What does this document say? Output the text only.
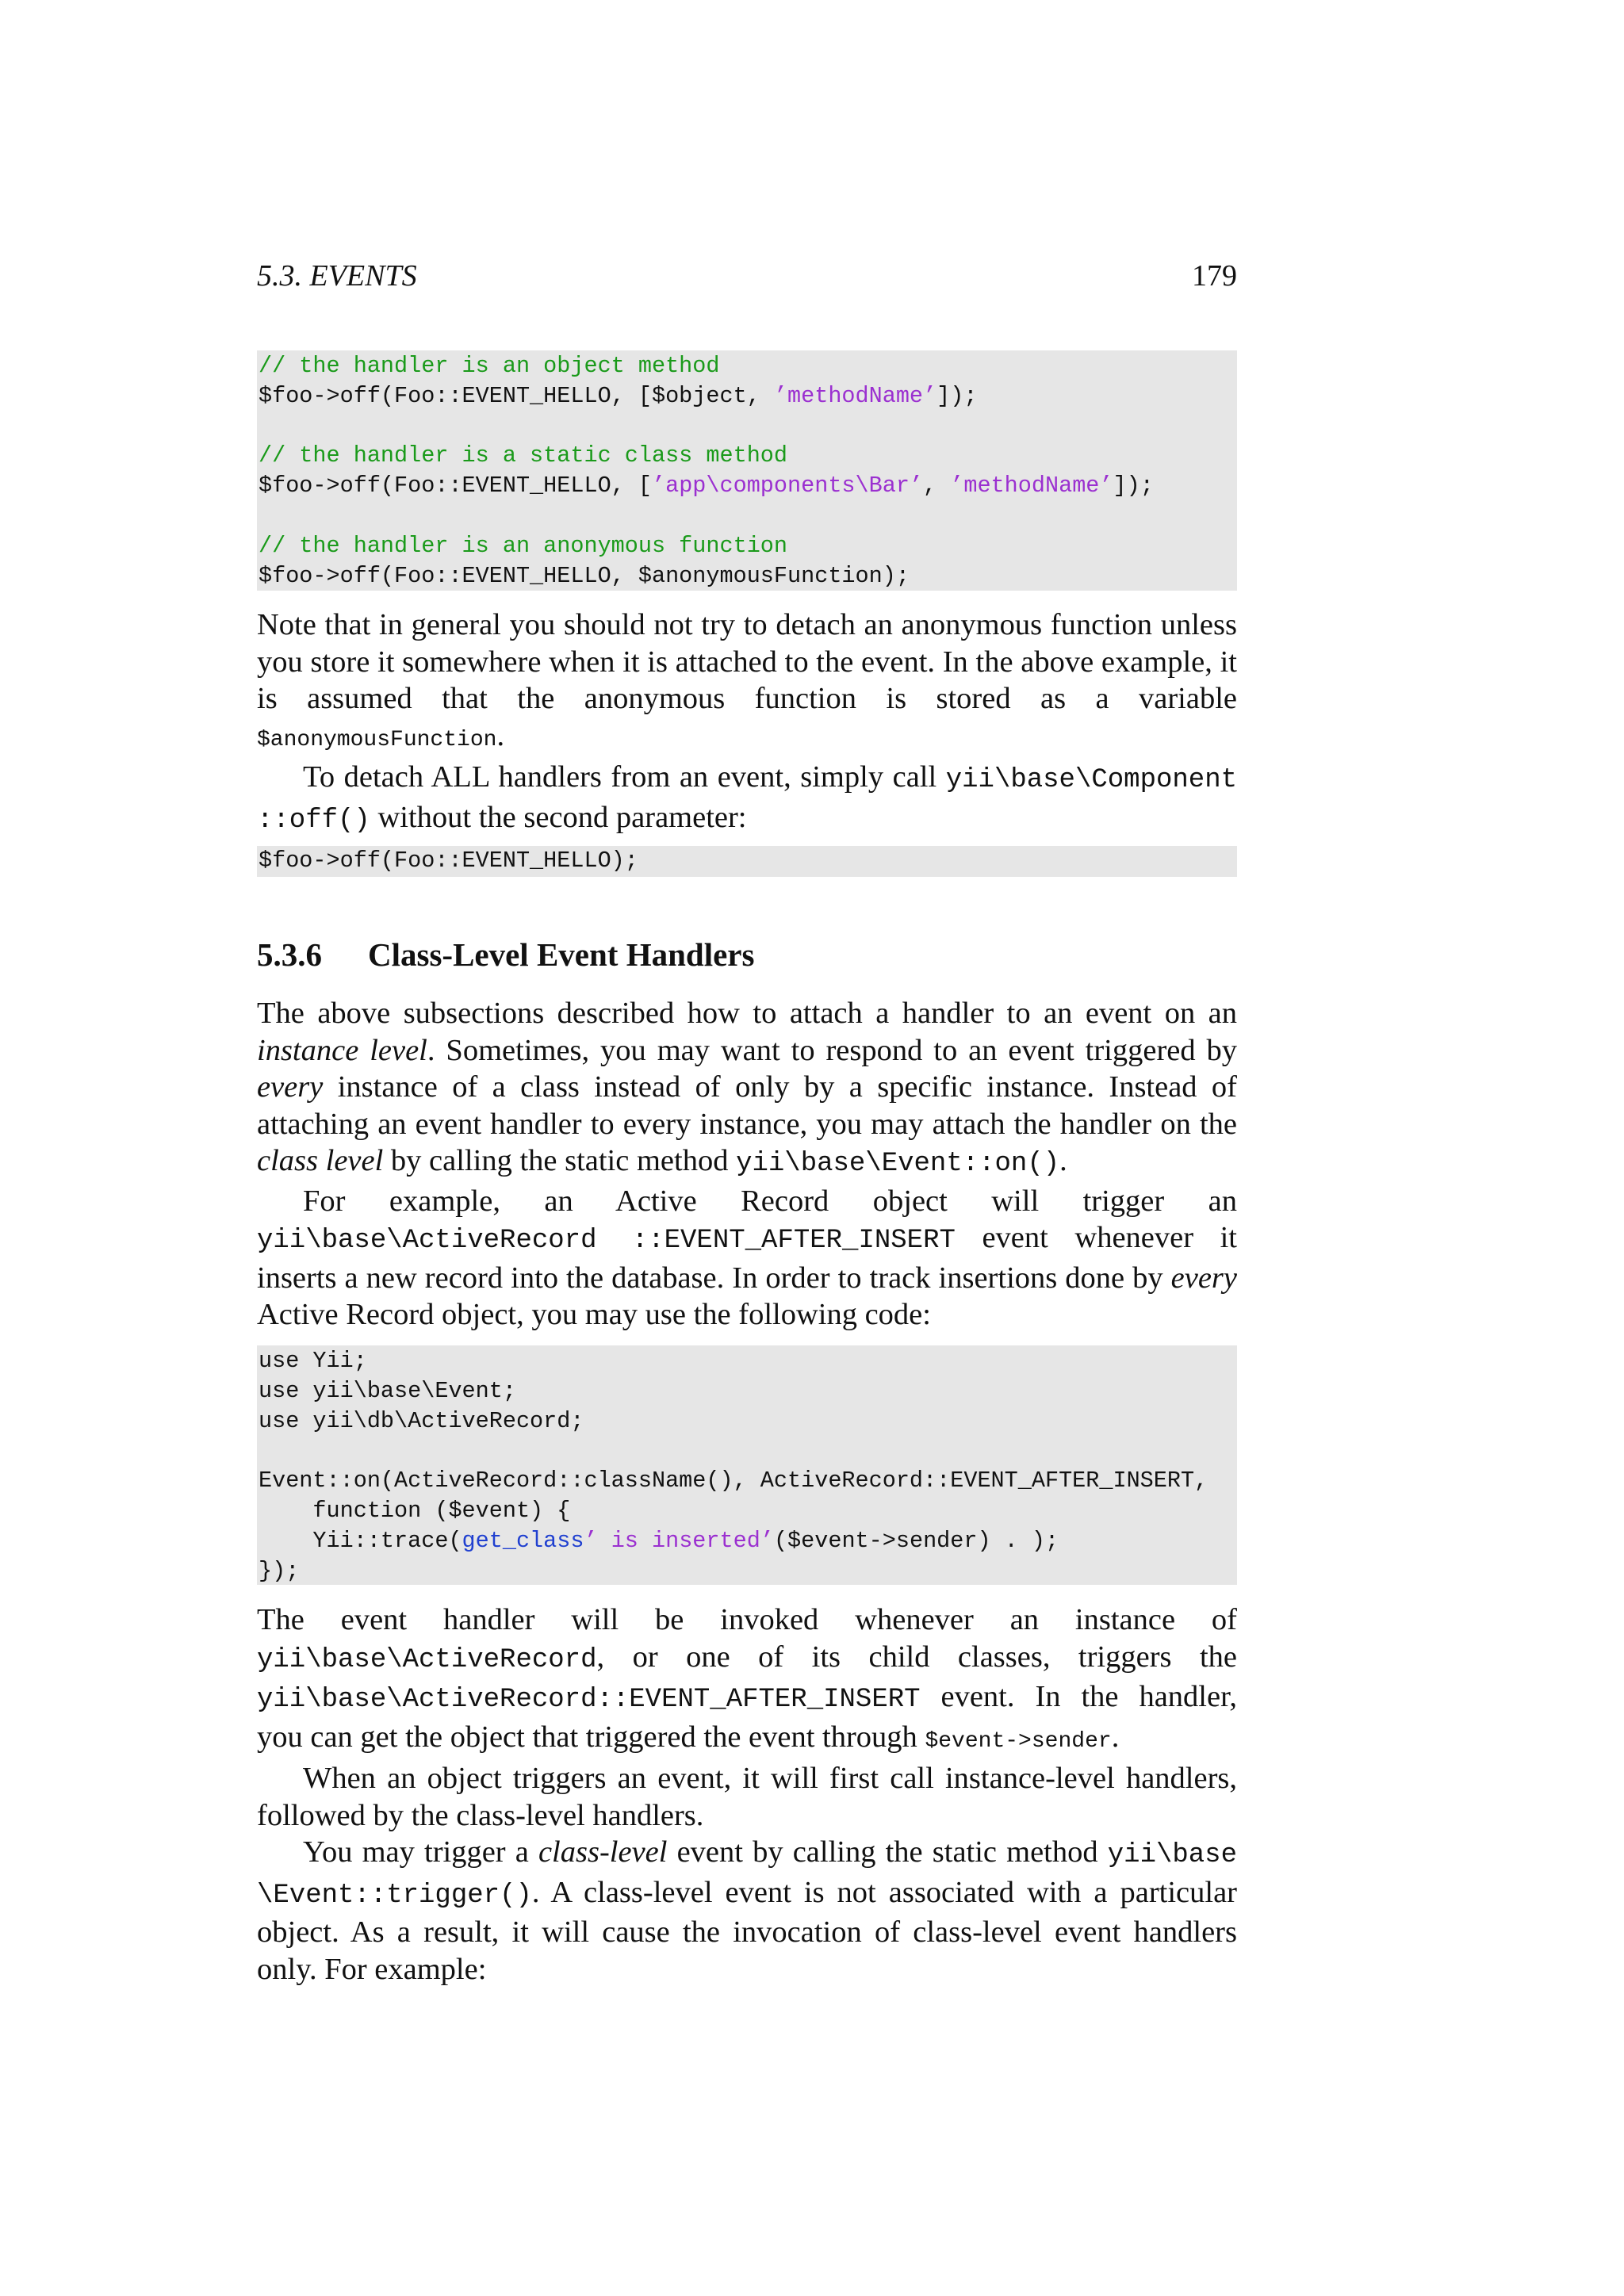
5.3. EVENTS	179
// the handler is an object method
$foo->off(Foo::EVENT_HELLO, [$object, ’methodName’]);

// the handler is a static class method
$foo->off(Foo::EVENT_HELLO, [’app\components\Bar’, ’methodName’]);

// the handler is an anonymous function
$foo->off(Foo::EVENT_HELLO, $anonymousFunction);

Note that in general you should not try to detach an anonymous function unless you store it somewhere when it is attached to the event. In the above example, it is assumed that the anonymous function is stored as a variable $anonymousFunction.

To detach ALL handlers from an event, simply call yii\base\Component ::off() without the second parameter:

$foo->off(Foo::EVENT_HELLO);
5.3.6 Class-Level Event Handlers

The above subsections described how to attach a handler to an event on an instance level. Sometimes, you may want to respond to an event triggered by every instance of a class instead of only by a specific instance. Instead of attaching an event handler to every instance, you may attach the handler on the class level by calling the static method yii\base\Event::on().

For example, an Active Record object will trigger an yii\base\ActiveRecord ::EVENT_AFTER_INSERT event whenever it inserts a new record into the database. In order to track insertions done by every Active Record object, you may use the following code:

use Yii;
use yii\base\Event;
use yii\db\ActiveRecord;

Event::on(ActiveRecord::className(), ActiveRecord::EVENT_AFTER_INSERT,
function ($event) {
Yii::trace(get_class’ is inserted’($event->sender) . );
});

The event handler will be invoked whenever an instance of yii\base\ActiveRecord, or one of its child classes, triggers the yii\base\ActiveRecord::EVENT_AFTER_INSERT event. In the handler, you can get the object that triggered the event through $event->sender.

When an object triggers an event, it will first call instance-level handlers, followed by the class-level handlers.

You may trigger a class-level event by calling the static method yii\base \Event::trigger(). A class-level event is not associated with a particular object. As a result, it will cause the invocation of class-level event handlers only. For example:
